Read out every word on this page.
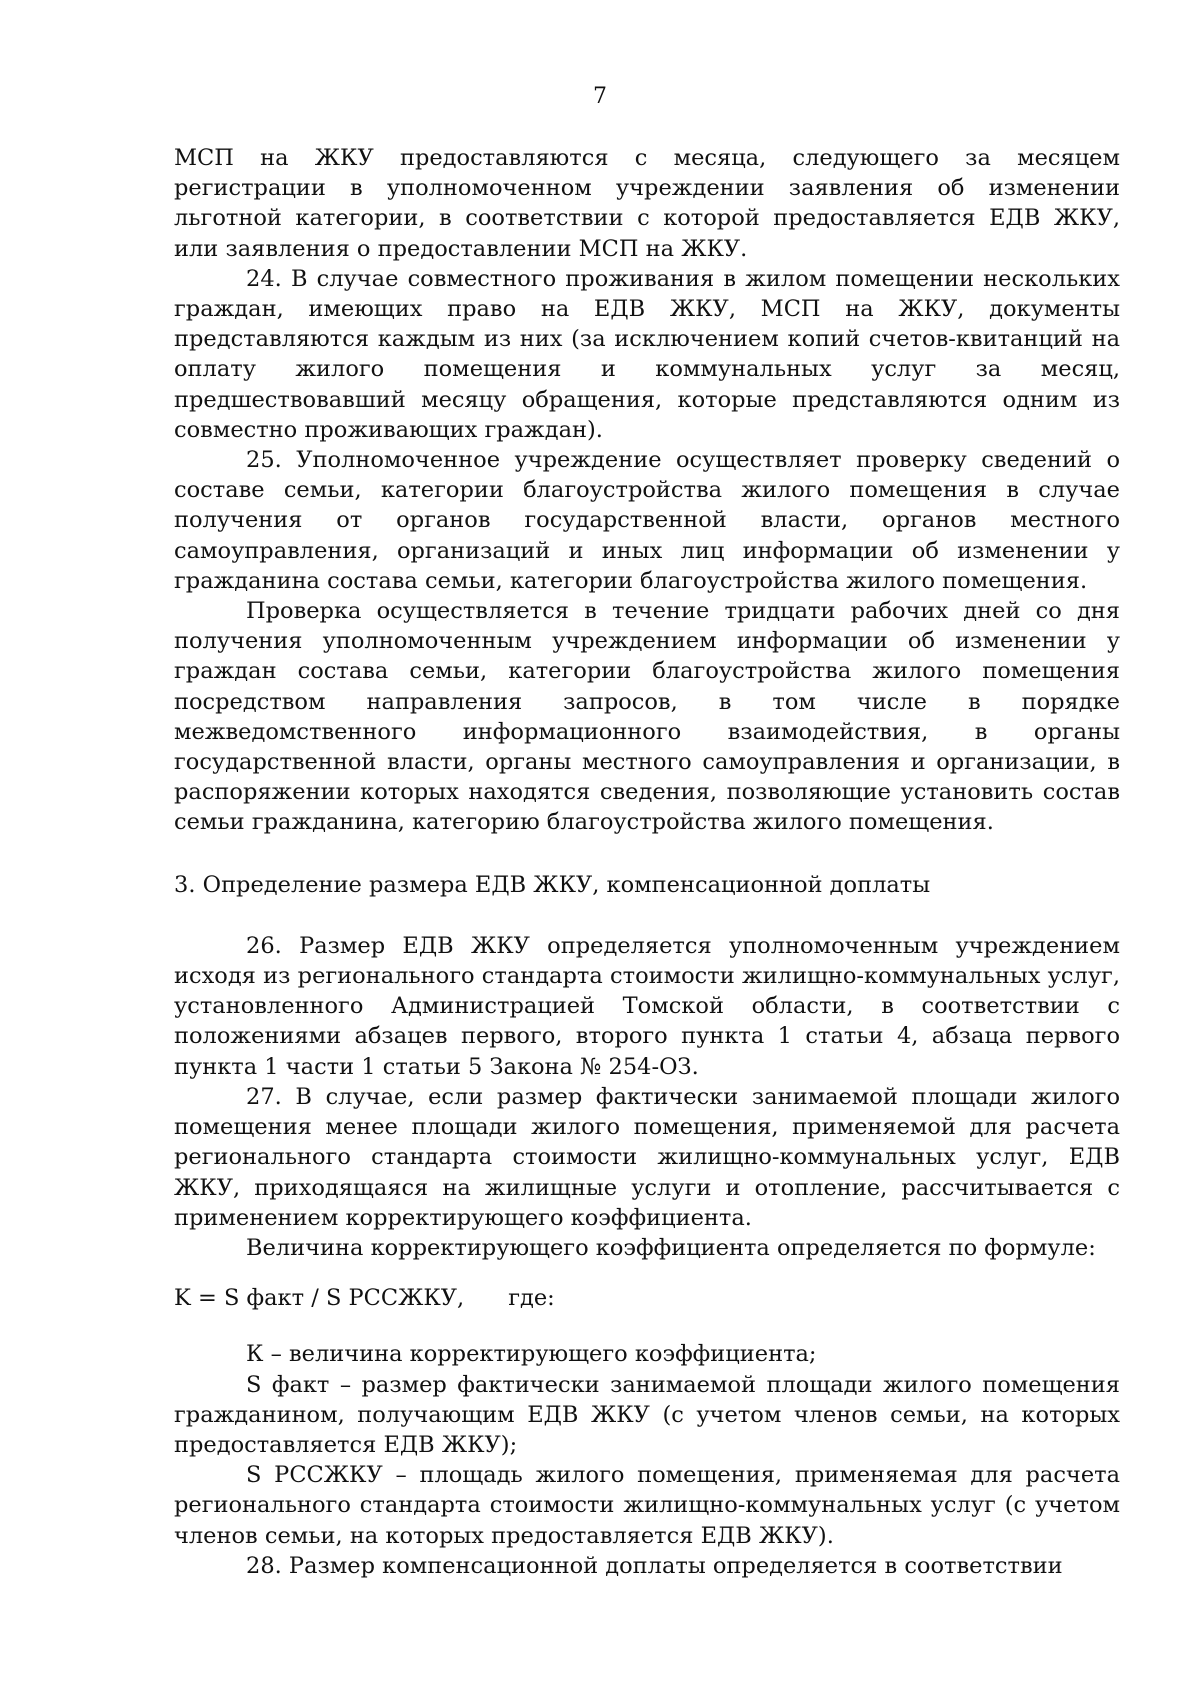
7

МСП на ЖКУ предоставляются с месяца, следующего за месяцем регистрации в уполномоченном учреждении заявления об изменении льготной категории, в соответствии с которой предоставляется ЕДВ ЖКУ, или заявления о предоставлении МСП на ЖКУ.

24. В случае совместного проживания в жилом помещении нескольких граждан, имеющих право на ЕДВ ЖКУ, МСП на ЖКУ, документы представляются каждым из них (за исключением копий счетов-квитанций на оплату жилого помещения и коммунальных услуг за месяц, предшествовавший месяцу обращения, которые представляются одним из совместно проживающих граждан).

25. Уполномоченное учреждение осуществляет проверку сведений о составе семьи, категории благоустройства жилого помещения в случае получения от органов государственной власти, органов местного самоуправления, организаций и иных лиц информации об изменении у гражданина состава семьи, категории благоустройства жилого помещения.

Проверка осуществляется в течение тридцати рабочих дней со дня получения уполномоченным учреждением информации об изменении у граждан состава семьи, категории благоустройства жилого помещения посредством направления запросов, в том числе в порядке межведомственного информационного взаимодействия, в органы государственной власти, органы местного самоуправления и организации, в распоряжении которых находятся сведения, позволяющие установить состав семьи гражданина, категорию благоустройства жилого помещения.

3. Определение размера ЕДВ ЖКУ, компенсационной доплаты

26. Размер ЕДВ ЖКУ определяется уполномоченным учреждением исходя из регионального стандарта стоимости жилищно-коммунальных услуг, установленного Администрацией Томской области, в соответствии с положениями абзацев первого, второго пункта 1 статьи 4, абзаца первого пункта 1 части 1 статьи 5 Закона № 254-ОЗ.

27. В случае, если размер фактически занимаемой площади жилого помещения менее площади жилого помещения, применяемой для расчета регионального стандарта стоимости жилищно-коммунальных услуг, ЕДВ ЖКУ, приходящаяся на жилищные услуги и отопление, рассчитывается с применением корректирующего коэффициента.

Величина корректирующего коэффициента определяется по формуле:

K = S факт / S РССЖКУ, где:

К – величина корректирующего коэффициента;

S факт – размер фактически занимаемой площади жилого помещения гражданином, получающим ЕДВ ЖКУ (с учетом членов семьи, на которых предоставляется ЕДВ ЖКУ);

S РССЖКУ – площадь жилого помещения, применяемая для расчета регионального стандарта стоимости жилищно-коммунальных услуг (с учетом членов семьи, на которых предоставляется ЕДВ ЖКУ).

28. Размер компенсационной доплаты определяется в соответствии
